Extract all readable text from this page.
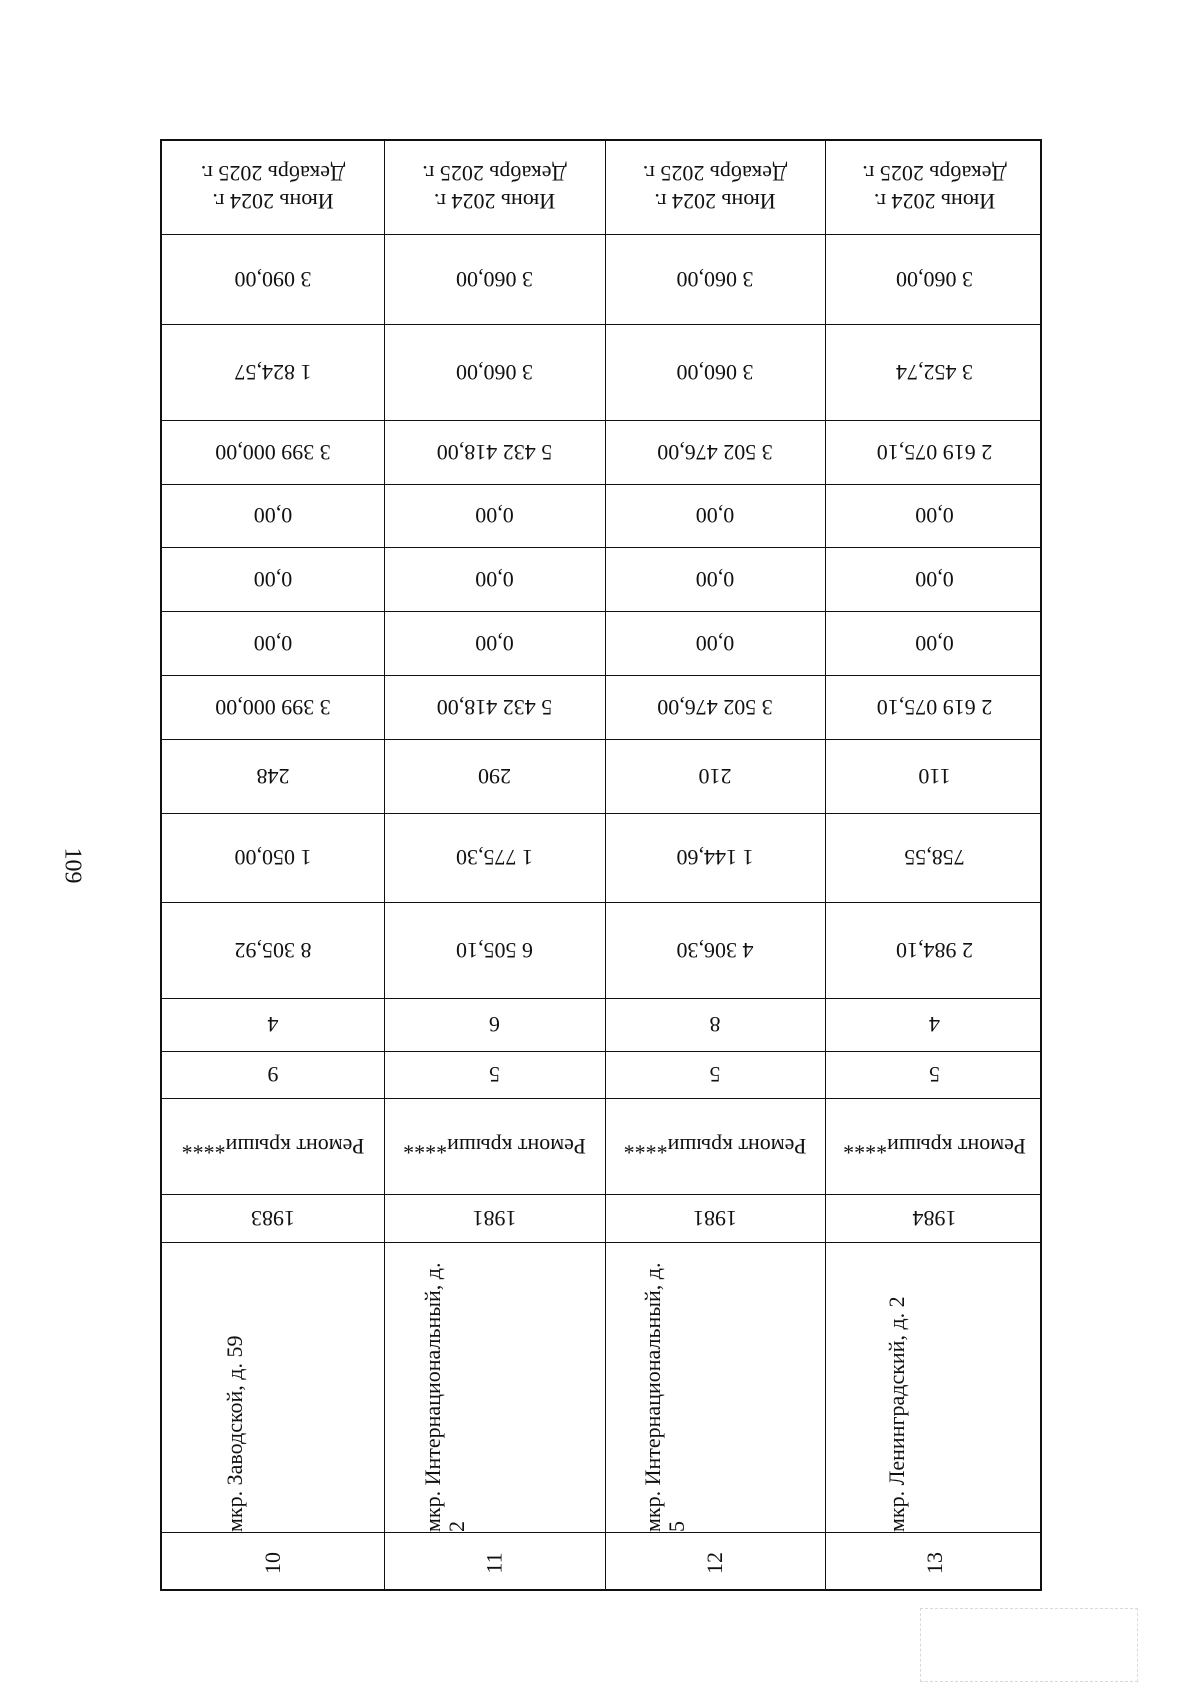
109
Июнь 2024 г.
Декабрь 2025 г.
3 090,00
1 824,57
3 399 000,00
0,00
0,00
0,00
3 399 000,00
248
1 050,00
8 305,92
4
9
Ремонт крыши****
1983
мкр. Заводской, д. 59
10
Июнь 2024 г.
Декабрь 2025 г.
3 060,00
3 060,00
5 432 418,00
0,00
0,00
0,00
5 432 418,00
290
1 775,30
6 505,10
6
5
Ремонт крыши****
1981
мкр. Интернациональный, д. 2
11
Июнь 2024 г.
Декабрь 2025 г.
3 060,00
3 060,00
3 502 476,00
0,00
0,00
0,00
3 502 476,00
210
1 144,60
4 306,30
8
5
Ремонт крыши****
1981
мкр. Интернациональный, д. 5
12
Июнь 2024 г.
Декабрь 2025 г.
3 060,00
3 452,74
2 619 075,10
0,00
0,00
0,00
2 619 075,10
110
758,55
2 984,10
4
5
Ремонт крыши****
1984
мкр. Ленинградский, д. 2
13
